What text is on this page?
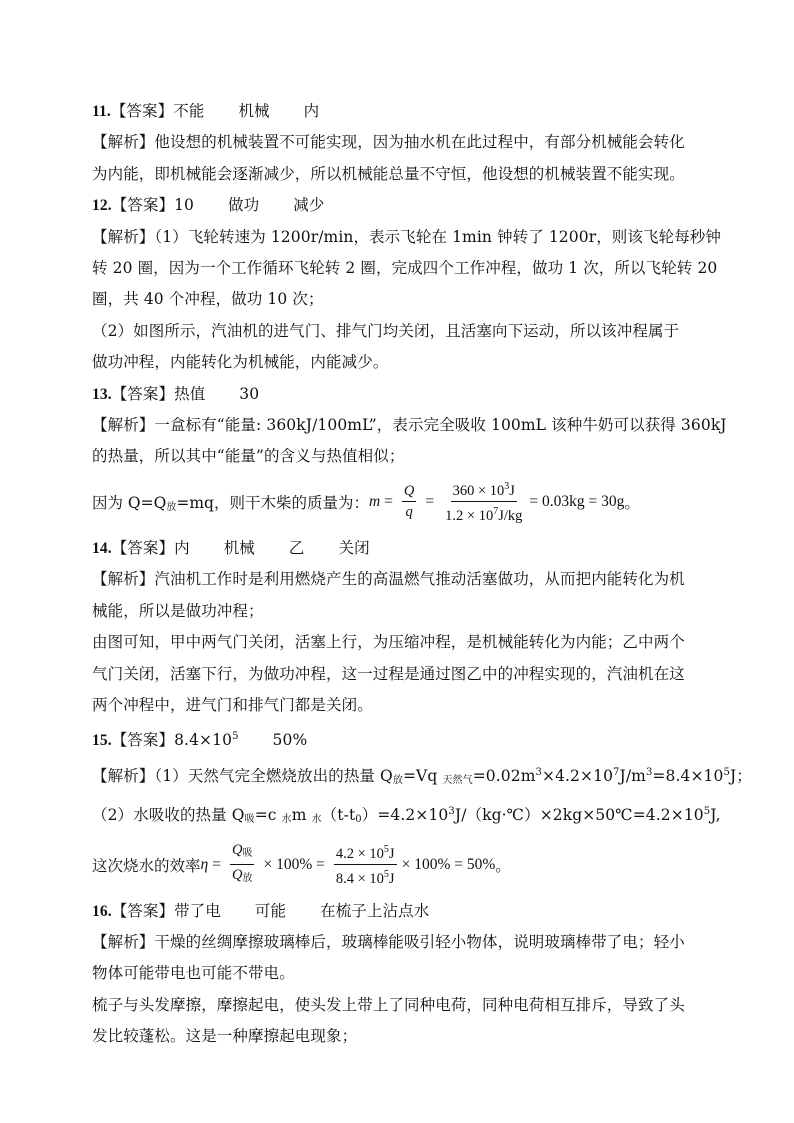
11.【答案】不能 机械 内
【解析】他设想的机械装置不可能实现，因为抽水机在此过程中，有部分机械能会转化
为内能，即机械能会逐渐减少，所以机械能总量不守恒，他设想的机械装置不能实现。
12.【答案】10 做功 减少
【解析】（1）飞轮转速为 1200r/min，表示飞轮在 1min 钟转了 1200r，则该飞轮每秒钟
转 20 圈，因为一个工作循环飞轮转 2 圈，完成四个工作冲程，做功 1 次，所以飞轮转 20
圈，共 40 个冲程，做功 10 次；
（2）如图所示，汽油机的进气门、排气门均关闭，且活塞向下运动，所以该冲程属于
做功冲程，内能转化为机械能，内能减少。
13.【答案】热值 30
【解析】一盒标有“能量: 360kJ/100mL”，表示完全吸收 100mL 该种牛奶可以获得 360kJ
的热量，所以其中“能量”的含义与热值相似；
因为 $Q=Q_放=mq$，则干木柴的质量为： $m = \frac{Q}{q} = \frac{360 \times 10^3J}{1.2 \times 10^7J/kg} = 0.03kg = 30g$ 。
14.【答案】内 机械 乙 关闭
【解析】汽油机工作时是利用燃烧产生的高温燃气推动活塞做功，从而把内能转化为机
械能，所以是做功冲程；
由图可知，甲中两气门关闭，活塞上行，为压缩冲程，是机械能转化为内能；乙中两个
气门关闭，活塞下行，为做功冲程，这一过程是通过图乙中的冲程实现的，汽油机在这
两个冲程中，进气门和排气门都是关闭。
15.【答案】$8.4\times 10^5$ 50%
【解析】（1）天然气完全燃烧放出的热量 $Q_放=Vq$ $_{天然气}=0.02m^3\times 4.2\times 10^7J/m^3=8.4\times 10^5J$；
（2）水吸收的热量 $Q_吸=c$ $_水$m $_水(t-t_0)=4.2\times 10^3J/(kg\cdot℃)\times 2kg\times 50℃=4.2\times 10^5J$,
这次烧水的效率 $\eta = \frac{Q_吸}{Q_放} \times 100\% = \frac{4.2 \times 10^5J}{8.4 \times 10^5J} \times 100\% = 50\%$ 。
16.【答案】带了电 可能 在梳子上沾点水
【解析】干燥的丝绸摩擦玻璃棒后，玻璃棒能吸引轻小物体，说明玻璃棒带了电；轻小
物体可能带电也可能不带电。
梳子与头发摩擦，摩擦起电，使头发上带上了同种电荷，同种电荷相互排斥，导致了头
发比较蓬松。这是一种摩擦起电现象；
